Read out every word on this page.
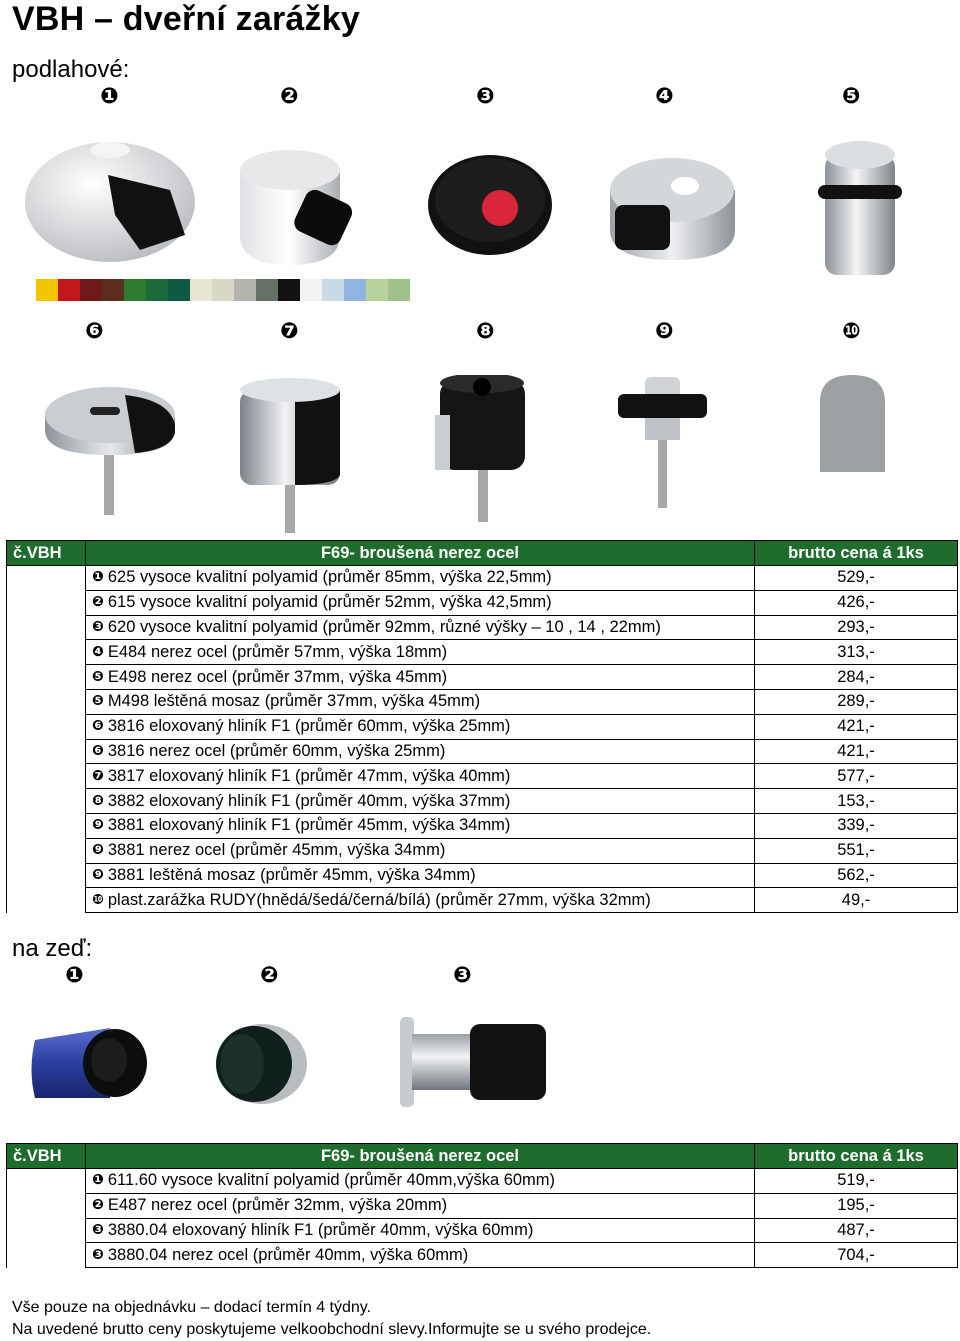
VBH – dveřní zarážky
podlahové:
❶	❷	❸	❹	❺
❻	❼	❽	❾	❿
č.VBH	F69- broušená nerez ocel	brutto cena á 1ks
	❶ 625 vysoce kvalitní polyamid (průměr 85mm, výška 22,5mm)	529,-
	❷ 615 vysoce kvalitní polyamid (průměr 52mm, výška 42,5mm)	426,-
	❸ 620 vysoce kvalitní polyamid (průměr 92mm, různé výšky – 10 , 14 , 22mm)	293,-
	❹ E484 nerez ocel (průměr 57mm, výška 18mm)	313,-
	❺ E498 nerez ocel (průměr 37mm, výška 45mm)	284,-
	❺ M498 leštěná mosaz (průměr 37mm, výška 45mm)	289,-
	❻ 3816 eloxovaný hliník F1 (průměr 60mm, výška 25mm)	421,-
	❻ 3816 nerez ocel (průměr 60mm, výška 25mm)	421,-
	❼ 3817 eloxovaný hliník F1 (průměr 47mm, výška 40mm)	577,-
	❽ 3882 eloxovaný hliník F1 (průměr 40mm, výška 37mm)	153,-
	❾ 3881 eloxovaný hliník F1 (průměr 45mm, výška 34mm)	339,-
	❾ 3881 nerez ocel (průměr 45mm, výška 34mm)	551,-
	❾ 3881 leštěná mosaz (průměr 45mm, výška 34mm)	562,-
	❿ plast.zarážka RUDY(hnědá/šedá/černá/bílá) (průměr 27mm, výška 32mm)	49,-
na zeď:
❶	❷	❸
č.VBH	F69- broušená nerez ocel	brutto cena á 1ks
	❶ 611.60 vysoce kvalitní polyamid (průměr 40mm,výška 60mm)	519,-
	❷ E487 nerez ocel (průměr 32mm, výška 20mm)	195,-
	❸ 3880.04 eloxovaný hliník F1 (průměr 40mm, výška 60mm)	487,-
	❸ 3880.04 nerez ocel (průměr 40mm, výška 60mm)	704,-
Vše pouze na objednávku – dodací termín 4 týdny.
Na uvedené brutto ceny poskytujeme velkoobchodní slevy.Informujte se u svého prodejce.
